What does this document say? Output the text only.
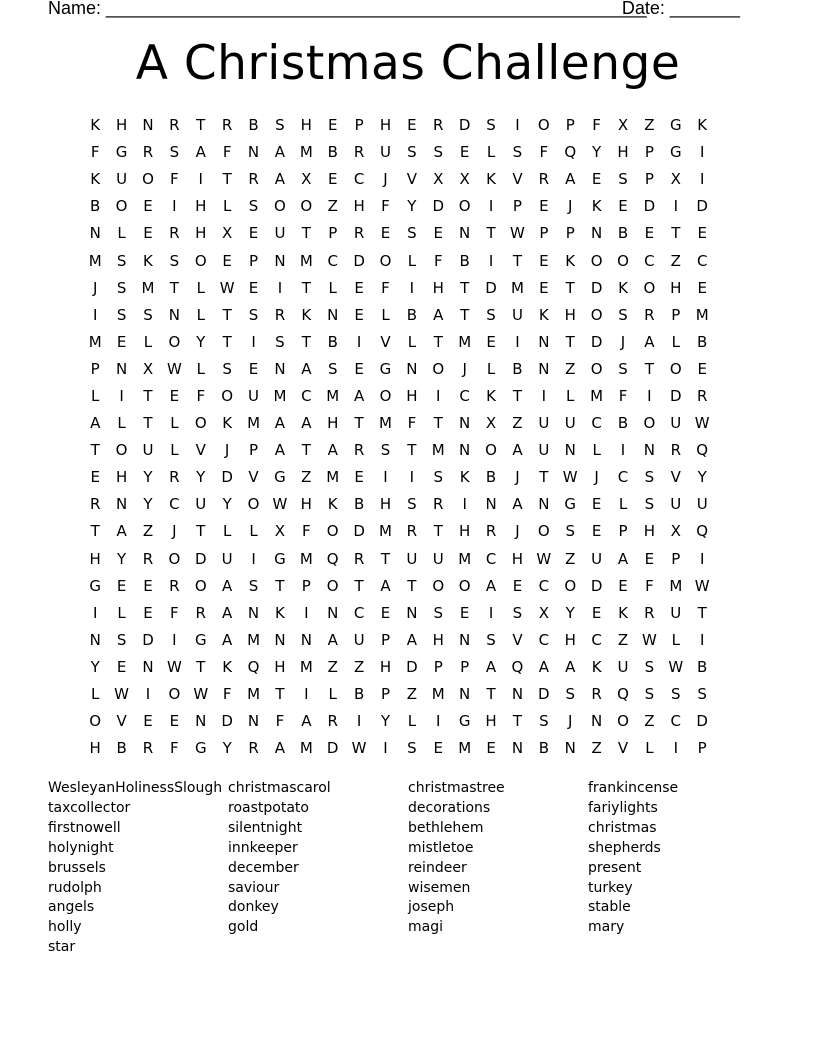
Name: ______________________________________________________
Date: _______
A Christmas Challenge
K	H	N	R	T	R	B	S	H	E	P	H	E	R	D	S	I	O	P	F	X	Z	G	K
F	G	R	S	A	F	N	A M B	R	U	S	S	E	L	S	F	Q	Y	H	P	G	I
K	U O	F	I	T	R	A	X	E	C	J	V	X	X	K	V	R	A	E	S	P	X	I
B	O	E	I	H	L	S	O O	Z	H	F	Y	D O	I	P	E	J	K	E	D	I	D
N	L	E	R	H	X	E	U	T	P	R	E	S	E	N	T W P	P	N	B	E	T	E
M	S	K	S	O	E	P	N M C	D O	L	F	B	I	T	E	K	O O	C	Z	C
J	S	M	T	L W E	I	T	L	E	F	I	H	T	D M	E	T	D	K	O H	E
I	S	S	N	L	T	S	R	K	N	E	L	B	A	T	S	U	K	H O	S	R	P	M
M	E	L	O	Y	T	I	S	T	B	I	V	L	T	M	E	I	N	T	D	J	A	L	B
P	N	X W L	S	E	N	A	S	E	G N O	J	L	B	N	Z	O	S	T	O	E
L	I	T	E	F	O	U M C M A	O H	I	C	K	T	I	L	M	F	I	D	R
A	L	T	L	O	K	M A	A	H	T	M	F	T	N	X	Z	U	U	C	B	O	U W
T	O	U	L	V	J	P	A	T	A	R	S	T	M N O	A	U	N	L	I	N	R	Q
E	H	Y	R	Y	D	V	G	Z M	E	I	I	S	K	B	J	T W	J	C	S	V	Y
R	N	Y	C	U	Y	O W H	K	B	H	S	R	I	N	A	N G	E	L	S	U	U
T	A	Z	J	T	L	L	X	F	O D M R	T	H	R	J	O	S	E	P	H	X	Q
H	Y	R	O D	U	I	G M Q	R	T	U	U M C	H W Z	U	A	E	P	I
G	E	E	R	O	A	S	T	P	O	T	A	T	O O	A	E	C	O D	E	F	M W
I	L	E	F	R	A	N	K	I	N	C	E	N	S	E	I	S	X	Y	E	K	R	U	T
N	S	D	I	G	A M N	N	A	U	P	A	H	N	S	V	C	H	C	Z W L	I
Y	E	N W T	K	Q H M Z	Z	H D	P	P	A	Q	A	A	K	U	S W B
L W	I	O W F	M	T	I	L	B	P	Z M N	T	N D	S	R	Q	S	S	S
O	V	E	E	N D	N	F	A	R	I	Y	L	I	G H	T	S	J	N O	Z	C	D
H	B	R	F	G	Y	R	A M D W	I	S	E	M	E	N	B	N	Z	V	L	I	P
WesleyanHolinessSlough
taxcollector
firstnowell
holynight
brussels
rudolph
angels
holly
star
christmascarol
roastpotato
silentnight
innkeeper
december
saviour
donkey
gold
christmastree
decorations
bethlehem
mistletoe
reindeer
wisemen
joseph
magi
frankincense
fariylights
christmas
shepherds
present
turkey
stable
mary
